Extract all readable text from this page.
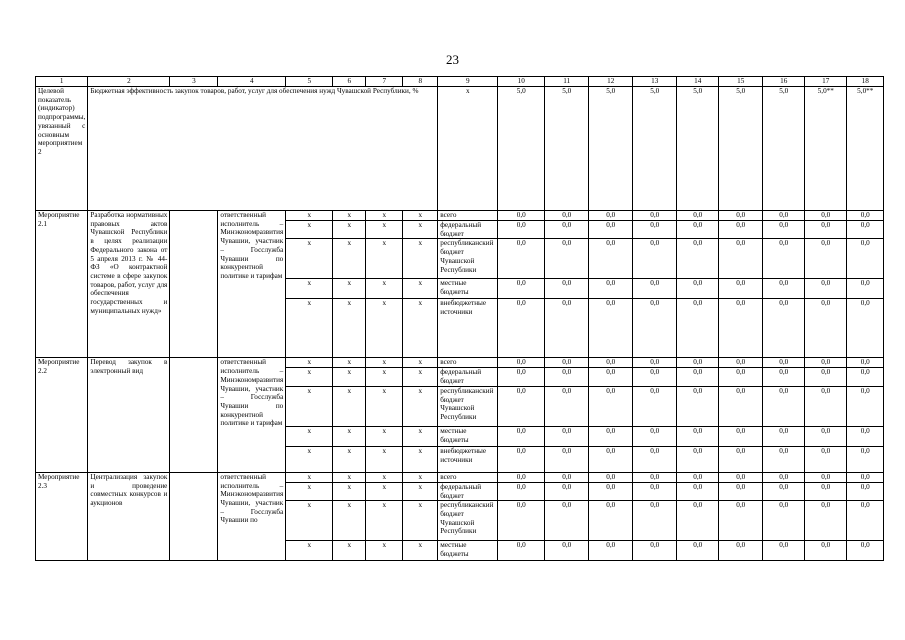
23
1	2	3	4	5	6	7	8	9	10	11	12	13	14	15	16	17	18
Целевой показатель (индикатор) подпрограммы, увязанный с основным мероприятием 2	Бюджетная эффективность закупок товаров, работ, услуг для обеспечения нужд Чувашской Республики, %							x	5,0	5,0	5,0	5,0	5,0	5,0	5,0	5,0**	5,0**
Мероприятие 2.1	Разработка нормативных правовых актов Чувашской Республики в целях реализации Федерального закона от 5 апреля 2013 г. № 44-ФЗ «О контрактной системе в сфере закупок товаров, работ, услуг для обеспечения государственных и муниципальных нужд»		ответственный исполнитель – Минэкономразвития Чувашии, участник – Госслужба Чувашии по конкурентной политике и тарифам	x	x	x	x	всего	0,0	0,0	0,0	0,0	0,0	0,0	0,0	0,0	0,0
				x	x	x	x	федеральный бюджет	0,0	0,0	0,0	0,0	0,0	0,0	0,0	0,0	0,0
				x	x	x	x	республиканский бюджет Чувашской Республики	0,0	0,0	0,0	0,0	0,0	0,0	0,0	0,0	0,0
				x	x	x	x	местные бюджеты	0,0	0,0	0,0	0,0	0,0	0,0	0,0	0,0	0,0
				x	x	x	x	внебюджетные источники	0,0	0,0	0,0	0,0	0,0	0,0	0,0	0,0	0,0
Мероприятие 2.2	Перевод закупок в электронный вид		ответственный исполнитель – Минэкономразвития Чувашии, участник – Госслужба Чувашии по конкурентной политике и тарифам	x	x	x	x	всего	0,0	0,0	0,0	0,0	0,0	0,0	0,0	0,0	0,0
				x	x	x	x	федеральный бюджет	0,0	0,0	0,0	0,0	0,0	0,0	0,0	0,0	0,0
				x	x	x	x	республиканский бюджет Чувашской Республики	0,0	0,0	0,0	0,0	0,0	0,0	0,0	0,0	0,0
				x	x	x	x	местные бюджеты	0,0	0,0	0,0	0,0	0,0	0,0	0,0	0,0	0,0
				x	x	x	x	внебюджетные источники	0,0	0,0	0,0	0,0	0,0	0,0	0,0	0,0	0,0
Мероприятие 2.3	Централизация закупок и проведение совместных конкурсов и аукционов		ответственный исполнитель – Минэкономразвития Чувашии, участник – Госслужба Чувашии по	x	x	x	x	всего	0,0	0,0	0,0	0,0	0,0	0,0	0,0	0,0	0,0
				x	x	x	x	федеральный бюджет	0,0	0,0	0,0	0,0	0,0	0,0	0,0	0,0	0,0
				x	x	x	x	республиканский бюджет Чувашской Республики	0,0	0,0	0,0	0,0	0,0	0,0	0,0	0,0	0,0
				x	x	x	x	местные бюджеты	0,0	0,0	0,0	0,0	0,0	0,0	0,0	0,0	0,0
